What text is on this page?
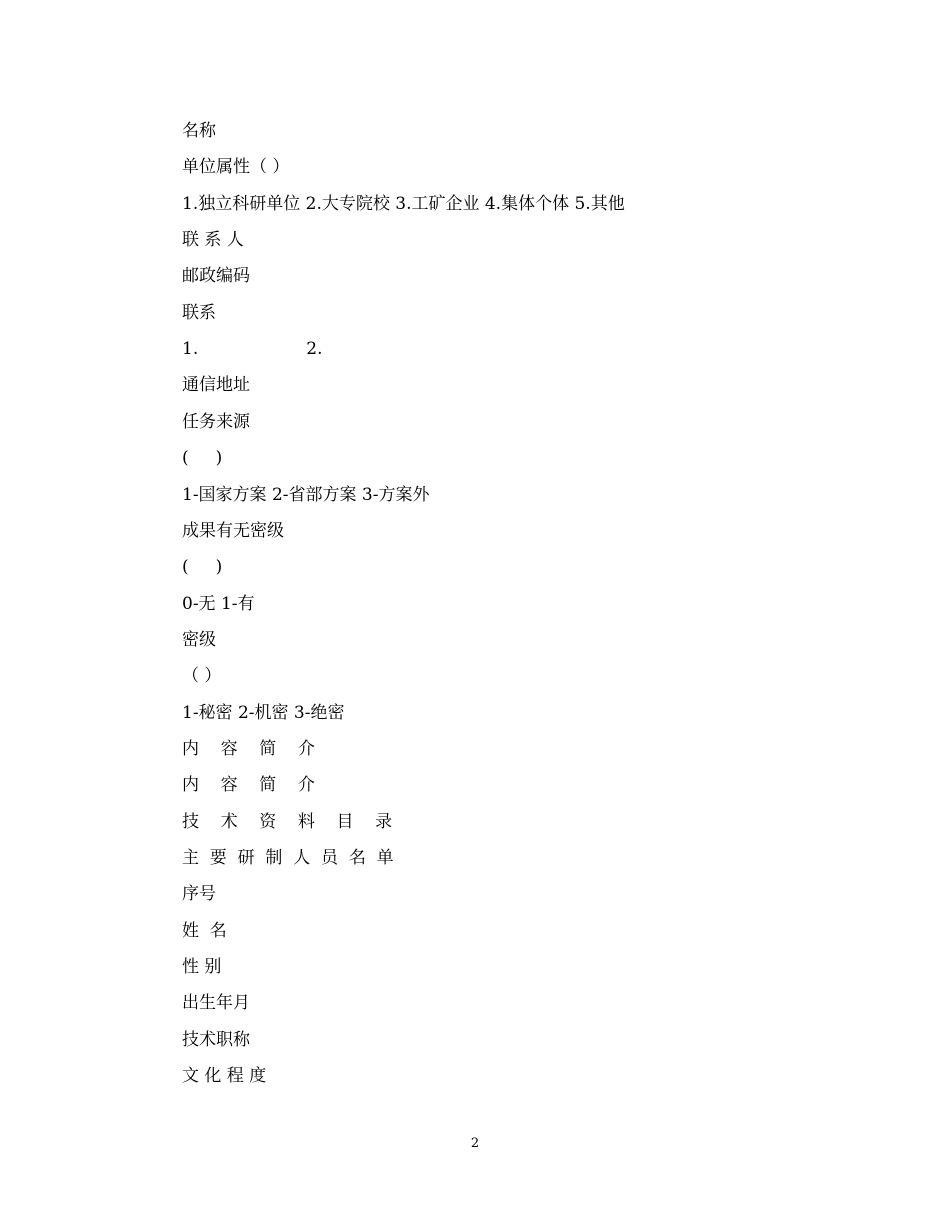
名称
单位属性（ ）
1.独立科研单位 2.大专院校 3.工矿企业 4.集体个体 5.其他
联 系 人
邮政编码
联系
1.                    2.
通信地址
任务来源
(     )
1-国家方案 2-省部方案 3-方案外
成果有无密级
(     )
0-无 1-有
密级
（ ）
1-秘密 2-机密 3-绝密
内    容    简    介
内    容    简    介
技    术    资    料    目    录
主  要  研  制  人  员  名  单
序号
姓  名
性 别
出生年月
技术职称
文 化 程 度
2
